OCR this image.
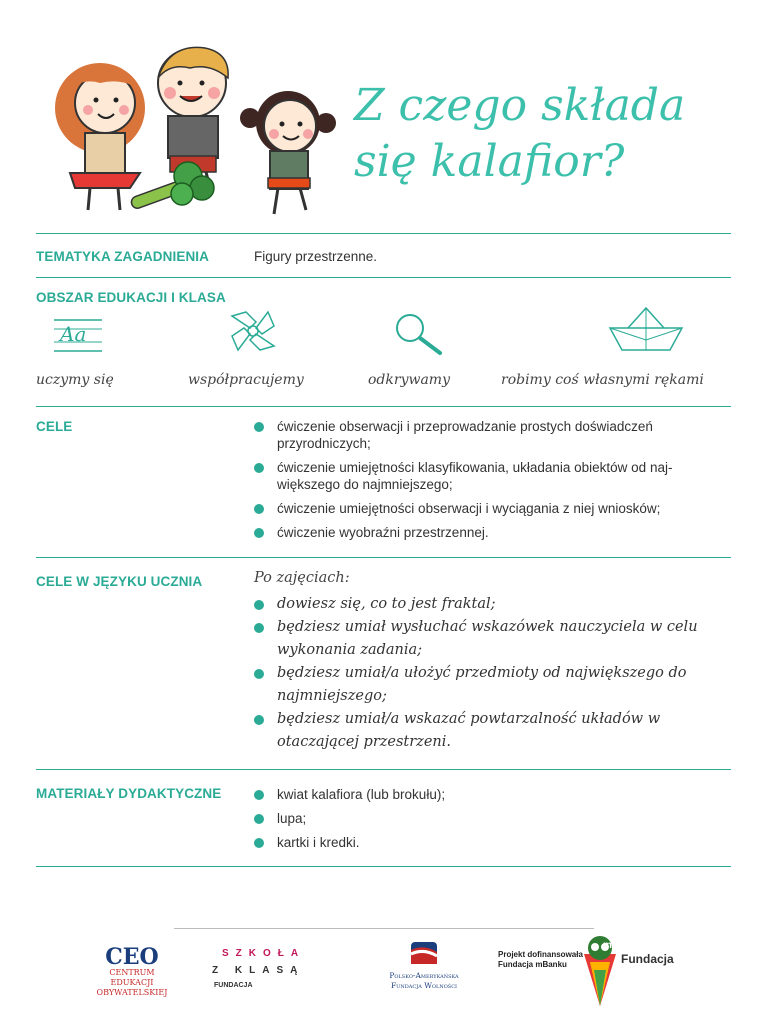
Z czego składa się kalafior?
TEMATYKA ZAGADNIENIA	Figury przestrzenne.
OBSZAR EDUKACJI I KLASA
Aa
uczymy się	współpracujemy	odkrywamy	robimy coś własnymi rękami
CELE	ćwiczenie obserwacji i przeprowadzanie prostych doświadczeń przyrodniczych;
ćwiczenie umiejętności klasyfikowania, układania obiektów od naj-większego do najmniejszego;
ćwiczenie umiejętności obserwacji i wyciągania z niej wniosków;
ćwiczenie wyobraźni przestrzennej.
CELE W JĘZYKU UCZNIA	Po zajęciach:
dowiesz się, co to jest fraktal;
będziesz umiał wysłuchać wskazówek nauczyciela w celu wykonania zadania;
będziesz umiał/a ułożyć przedmioty od największego do najmniejszego;
będziesz umiał/a wskazać powtarzalność układów w otaczającej przestrzeni.
MATERIAŁY DYDAKTYCZNE	kwiat kalafiora (lub brokułu);
lupa;
kartki i kredki.
CEO
CENTRUM EDUKACJI
OBYWATELSKIEJ
SZKOŁA
Z KLASĄ
FUNDACJA
Polsko-Amerykańska
Fundacja Wolności
Projekt dofinansowała
Fundacja mBanku
m
Fundacja
